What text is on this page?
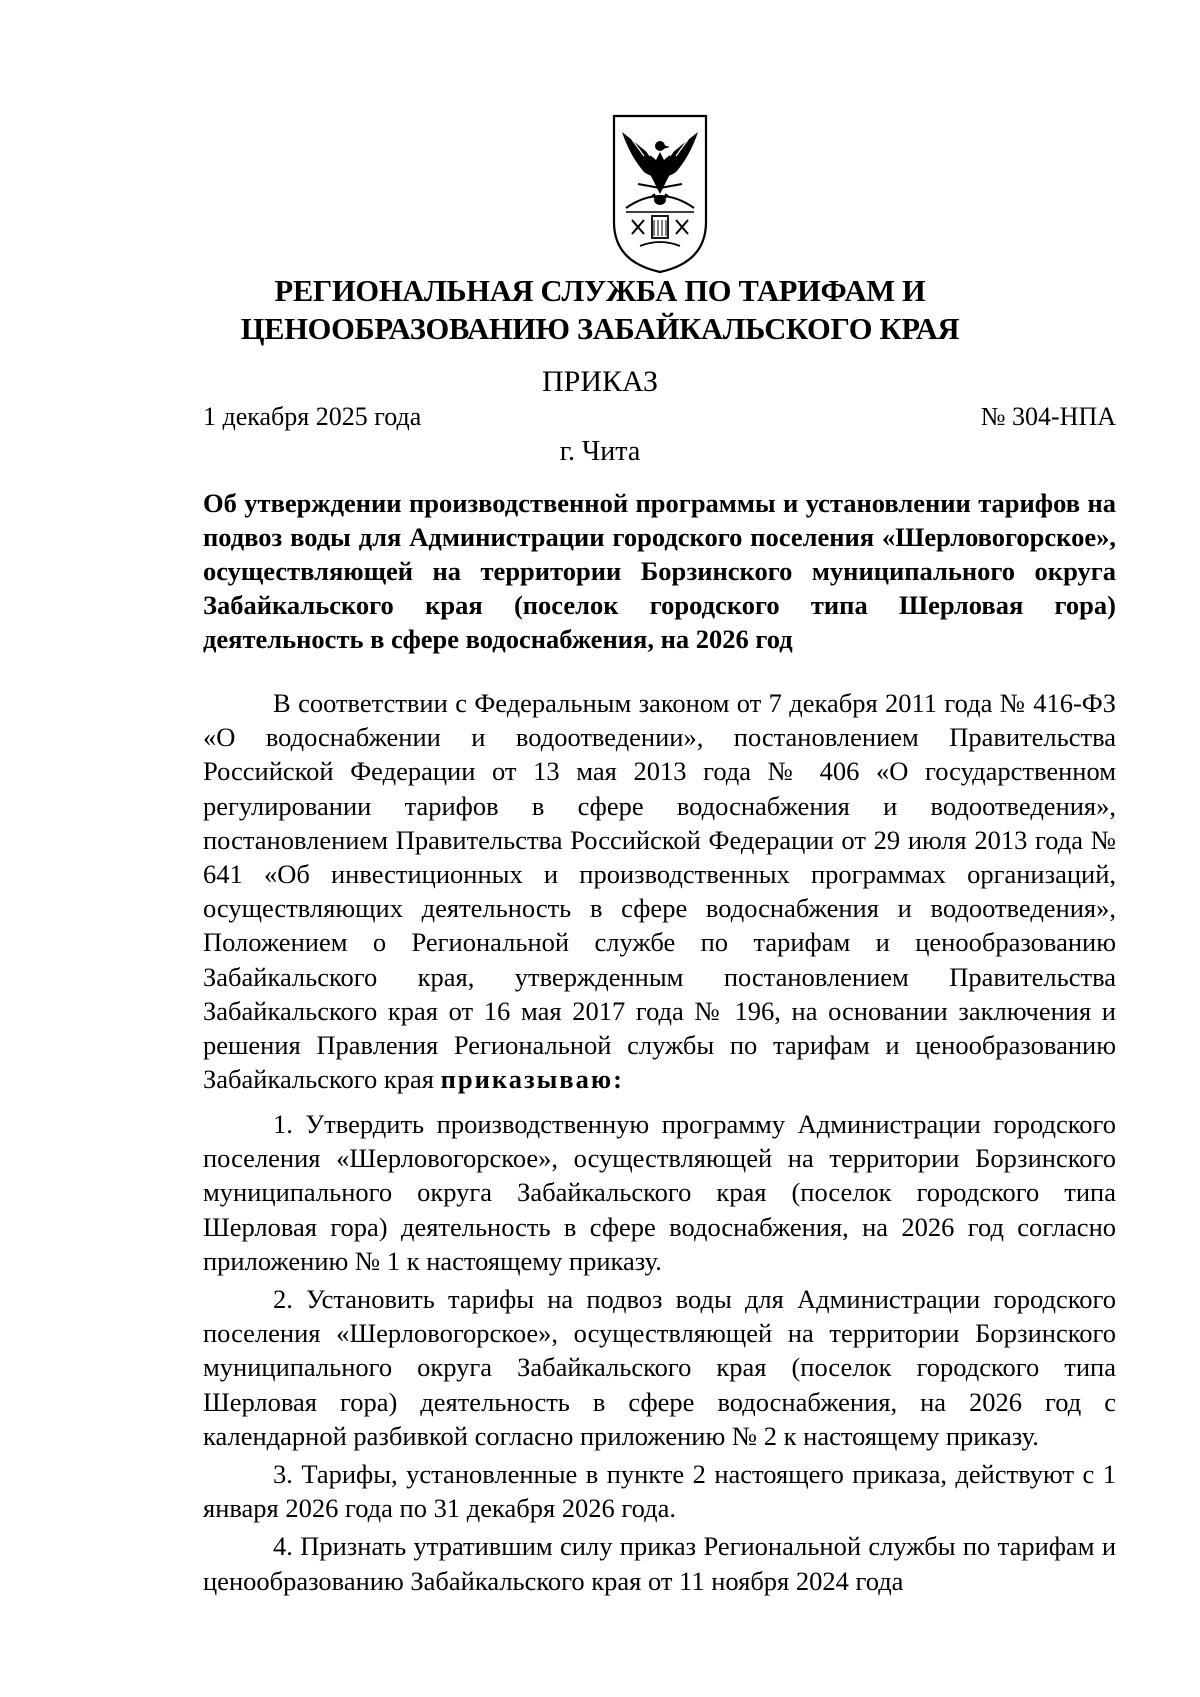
РЕГИОНАЛЬНАЯ СЛУЖБА ПО ТАРИФАМ И
ЦЕНООБРАЗОВАНИЮ ЗАБАЙКАЛЬСКОГО КРАЯ
ПРИКАЗ
1 декабря 2025 года	№ 304-НПА
г. Чита
Об утверждении производственной программы и установлении тарифов на подвоз воды для Администрации городского поселения «Шерловогорское», осуществляющей на территории Борзинского муниципального округа Забайкальского края (поселок городского типа Шерловая гора) деятельность в сфере водоснабжения, на 2026 год

В соответствии с Федеральным законом от 7 декабря 2011 года № 416-ФЗ «О водоснабжении и водоотведении», постановлением Правительства Российской Федерации от 13 мая 2013 года № 406 «О государственном регулировании тарифов в сфере водоснабжения и водоотведения», постановлением Правительства Российской Федерации от 29 июля 2013 года № 641 «Об инвестиционных и производственных программах организаций, осуществляющих деятельность в сфере водоснабжения и водоотведения», Положением о Региональной службе по тарифам и ценообразованию Забайкальского края, утвержденным постановлением Правительства Забайкальского края от 16 мая 2017 года № 196, на основании заключения и решения Правления Региональной службы по тарифам и ценообразованию Забайкальского края приказываю:

1. Утвердить производственную программу Администрации городского поселения «Шерловогорское», осуществляющей на территории Борзинского муниципального округа Забайкальского края (поселок городского типа Шерловая гора) деятельность в сфере водоснабжения, на 2026 год согласно приложению № 1 к настоящему приказу.

2. Установить тарифы на подвоз воды для Администрации городского поселения «Шерловогорское», осуществляющей на территории Борзинского муниципального округа Забайкальского края (поселок городского типа Шерловая гора) деятельность в сфере водоснабжения, на 2026 год с календарной разбивкой согласно приложению № 2 к настоящему приказу.

3. Тарифы, установленные в пункте 2 настоящего приказа, действуют с 1 января 2026 года по 31 декабря 2026 года.

4. Признать утратившим силу приказ Региональной службы по тарифам и ценообразованию Забайкальского края от 11 ноября 2024 года
